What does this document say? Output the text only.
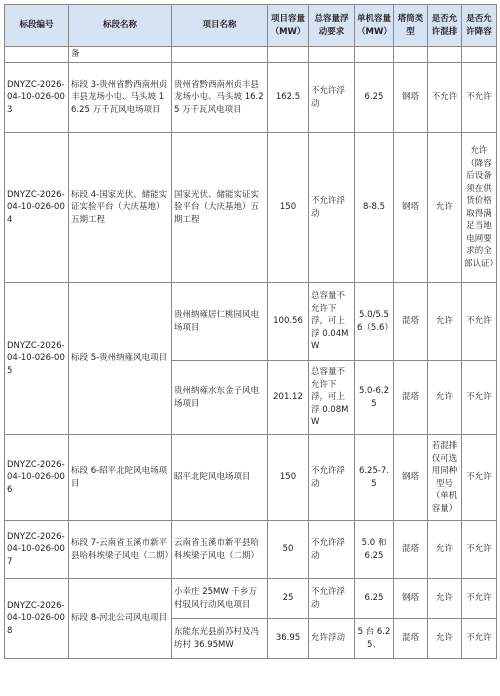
标段编号	标段名称	项目名称	项目容量（MW）	总容量浮动要求	单机容量（MW）	塔筒类型	是否允许混排	是否允许降容
	备							
DNYZC-2026-04-10-026-003	标段 3-贵州省黔西南州贞丰县龙场小屯、马头坡 16.25 万千瓦风电场项目	贵州省黔西南州贞丰县龙场小屯、马头坡 16.25 万千瓦风电项目	162.5	不允许浮动	6.25	钢塔	不允许	不允许
DNYZC-2026-04-10-026-004	标段 4-国家光伏、储能实证实验平台（大庆基地）五期工程	国家光伏、储能实证实验平台（大庆基地）五期工程	150	不允许浮动	8-8.5	钢塔	允许	允许（降容后设备须在供货价格取得满足当地电网要求的全部认证）
DNYZC-2026-04-10-026-005	标段 5-贵州纳雍风电项目	贵州纳雍居仁桃园风电场项目	100.56	总容量不允许下浮，可上浮 0.04MW	5.0/5.56（5.6）	混塔	允许	不允许
		贵州纳雍水东金子风电场项目	201.12	总容量不允许下浮，可上浮 0.08MW	5.0-6.25	混塔	允许	不允许
DNYZC-2026-04-10-026-006	标段 6-昭平北陀风电场项目	昭平北陀风电场项目	150	不允许浮动	6.25-7.5	钢塔	若混排仅可选用同种型号（单机容量）	不允许
DNYZC-2026-04-10-026-007	标段 7-云南省玉溪市新平县哈科埃梁子风电（二期）	云南省玉溪市新平县哈科埃梁子风电（二期）	50	不允许浮动	5.0 和 6.25	混塔	允许	不允许
DNYZC-2026-04-10-026-008	标段 8-河北公司风电项目	小幸庄 25MW 千乡万村驭风行动风电项目	25	不允许浮动	6.25	钢塔	允许	不允许
		东能东光县前苏村及冯坊村 36.95MW	36.95	允许浮动	5 台 6.25、	混塔	允许	不允许
